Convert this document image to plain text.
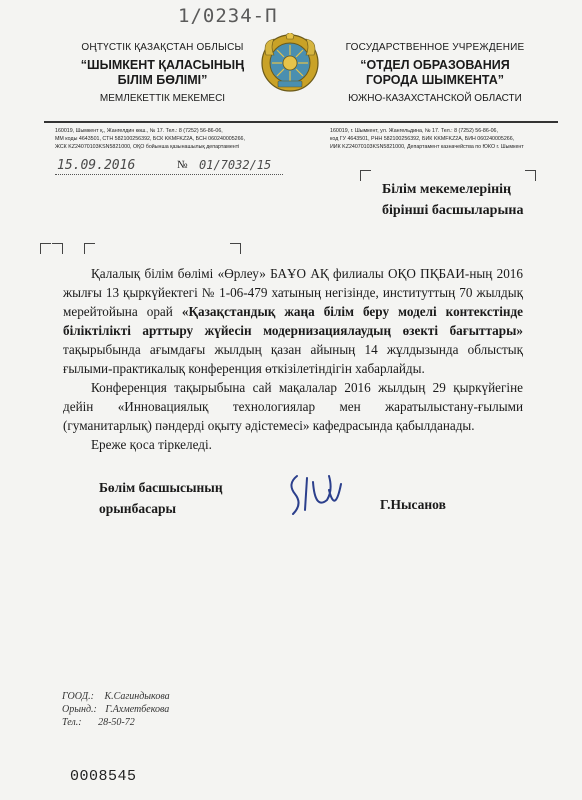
1/0234-П
ОҢТҮСТІК ҚАЗАҚСТАН ОБЛЫСЫ
“ШЫМКЕНТ ҚАЛАСЫНЫҢ
БІЛІМ БӨЛІМІ”
МЕМЛЕКЕТТІК МЕКЕМЕСІ
ГОСУДАРСТВЕННОЕ УЧРЕЖДЕНИЕ
“ОТДЕЛ ОБРАЗОВАНИЯ
ГОРОДА ШЫМКЕНТА”
ЮЖНО-КАЗАХСТАНСКОЙ ОБЛАСТИ
160019, Шымкент қ., Жангелдин көш., № 17. Тел.: 8 (7252) 56-86-06,
ММ коды 4643501, СТН 582100256392, БСК KKMFKZ2A, БСН 060240005266,
ЖСК KZ24070103KSN5821000, ОҚО бойынша қазынашылық департаменті
160019, г. Шымкент, ул. Жангельдина, № 17. Тел.: 8 (7252) 56-86-06,
код ГУ 4643501, РНН 582100256392, БИК KKMFKZ2A, БИН 060240005266,
ИИК KZ24070103KSN5821000, Департамент казначейства по ЮКО г. Шымкент
15.09.2016	№ 01/7032/15
Білім мекемелерінің
бірінші басшыларына

Қалалық білім бөлімі «Өрлеу» БАҰО АҚ филиалы ОҚО ПҚБАИ-ның 2016 жылғы 13 қыркүйектегі № 1-06-479 хатының негізінде, институттың 70 жылдық мерейтойына орай «Қазақстандық жаңа білім беру моделі контекстінде біліктілікті арттыру жүйесін модернизациялаудың өзекті бағыттары» тақырыбында ағымдағы жылдың қазан айының 14 жұлдызында облыстық ғылыми-практикалық конференция өткізілетіндігін хабарлайды.

Конференция тақырыбына сай мақалалар 2016 жылдың 29 қыркүйегіне дейін «Инновациялық технологиялар мен жаратылыстану-ғылыми (гуманитарлық) пәндерді оқыту әдістемесі» кафедрасында қабылданады.

Ереже қоса тіркеледі.

Бөлім басшысының
орынбасары	Г.Нысанов
ГООД.: К.Сагиндыкова
Орынд.: Г.Ахметбекова
Тел.: 28-50-72
0008545
